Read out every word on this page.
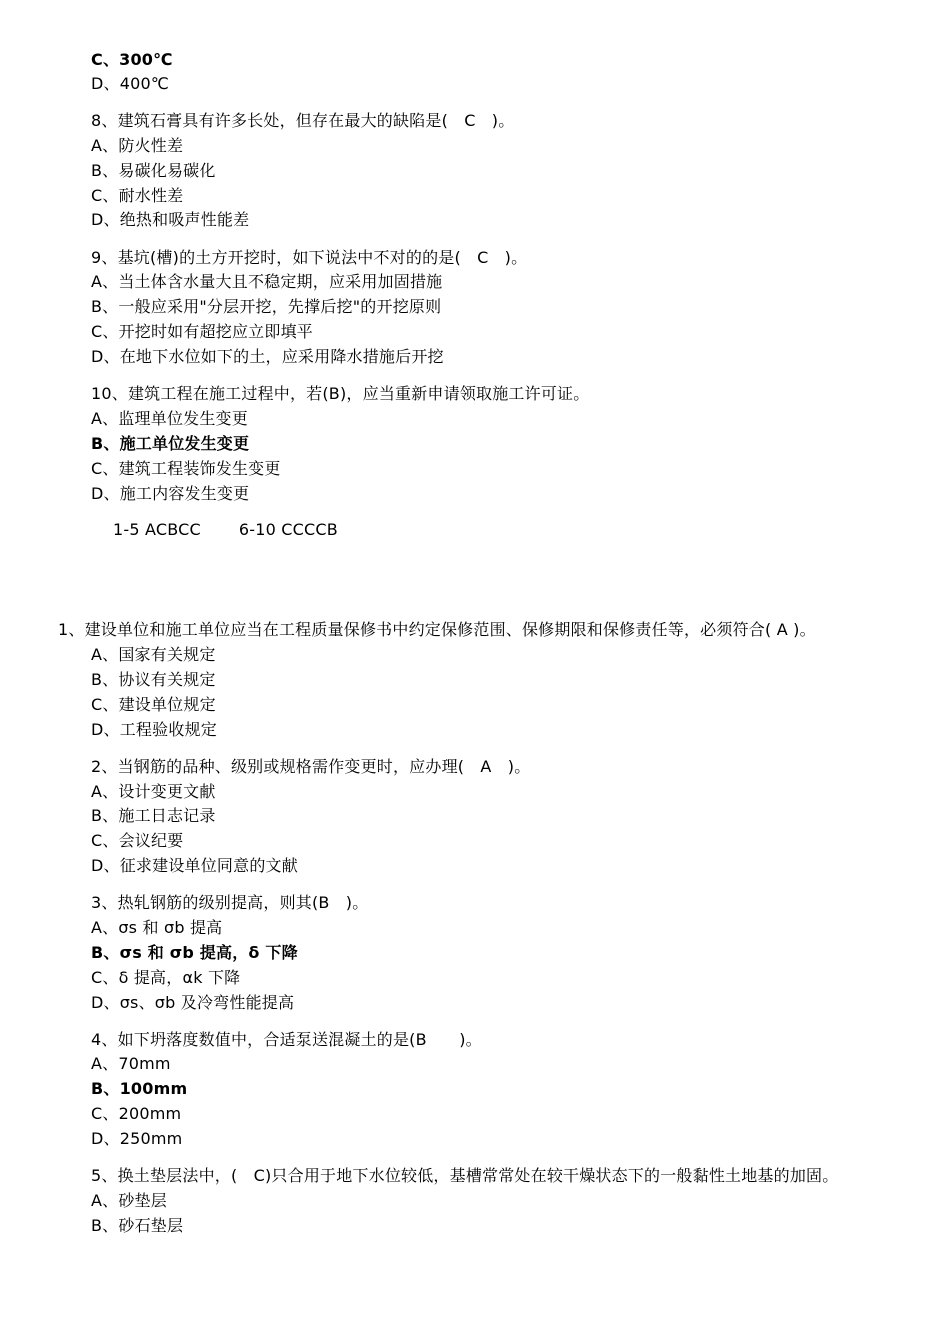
C、300℃
D、400℃
8、建筑石膏具有许多长处，但存在最大的缺陷是(　C　)。
A、防火性差
B、易碳化易碳化
C、耐水性差
D、绝热和吸声性能差
9、基坑(槽)的土方开挖时，如下说法中不对的的是(　C　)。
A、当土体含水量大且不稳定期，应采用加固措施
B、一般应采用"分层开挖，先撑后挖"的开挖原则
C、开挖时如有超挖应立即填平
D、在地下水位如下的土，应采用降水措施后开挖
10、建筑工程在施工过程中，若(B)，应当重新申请领取施工许可证。
A、监理单位发生变更
B、施工单位发生变更
C、建筑工程装饰发生变更
D、施工内容发生变更
1-5 ACBCC 6-10 CCCCB
1、建设单位和施工单位应当在工程质量保修书中约定保修范围、保修期限和保修责任等，必须符合( A )。
A、国家有关规定
B、协议有关规定
C、建设单位规定
D、工程验收规定
2、当钢筋的品种、级别或规格需作变更时，应办理(　A　)。
A、设计变更文献
B、施工日志记录
C、会议纪要
D、征求建设单位同意的文献
3、热轧钢筋的级别提高，则其(B　)。
A、σs 和 σb 提高
B、σs 和 σb 提高，δ 下降
C、δ 提高，αk 下降
D、σs、σb 及冷弯性能提高
4、如下坍落度数值中，合适泵送混凝土的是(B　　)。
A、70mm
B、100mm
C、200mm
D、250mm
5、换土垫层法中，(　C)只合用于地下水位较低，基槽常常处在较干燥状态下的一般黏性土地基的加固。
A、砂垫层
B、砂石垫层
